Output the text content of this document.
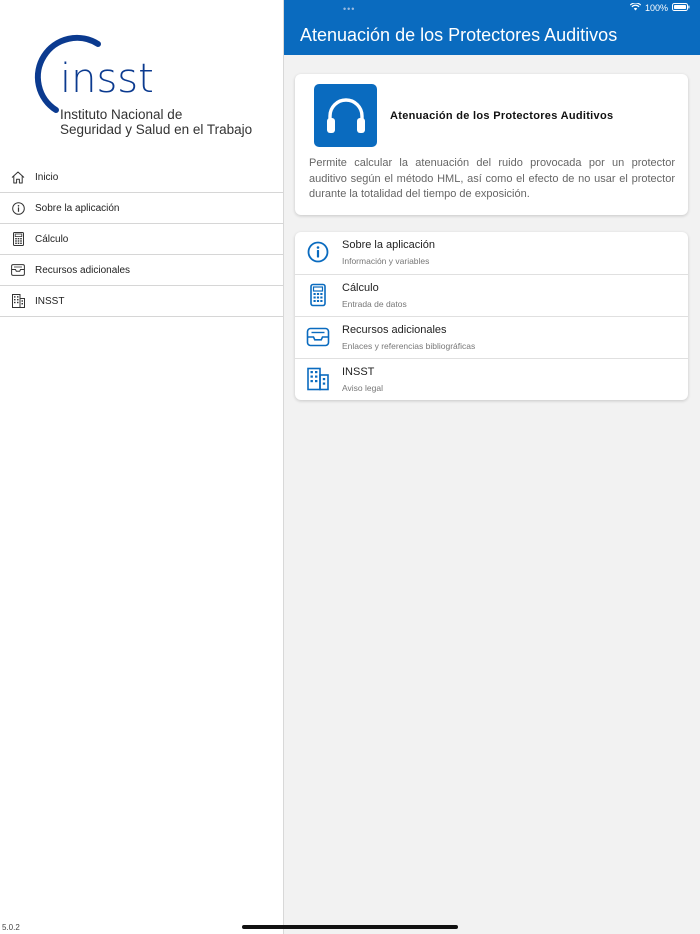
•••	100%
insst
Instituto Nacional de
Seguridad y Salud en el Trabajo
Inicio
Sobre la aplicación
Cálculo
Recursos adicionales
INSST
5.0.2
Atenuación de los Protectores Auditivos
Atenuación de los Protectores Auditivos

Permite calcular la atenuación del ruido provocada por un protector auditivo según el método HML, así como el efecto de no usar el protector durante la totalidad del tiempo de exposición.

Sobre la aplicación
Información y variables
Cálculo
Entrada de datos
Recursos adicionales
Enlaces y referencias bibliográficas
INSST
Aviso legal
